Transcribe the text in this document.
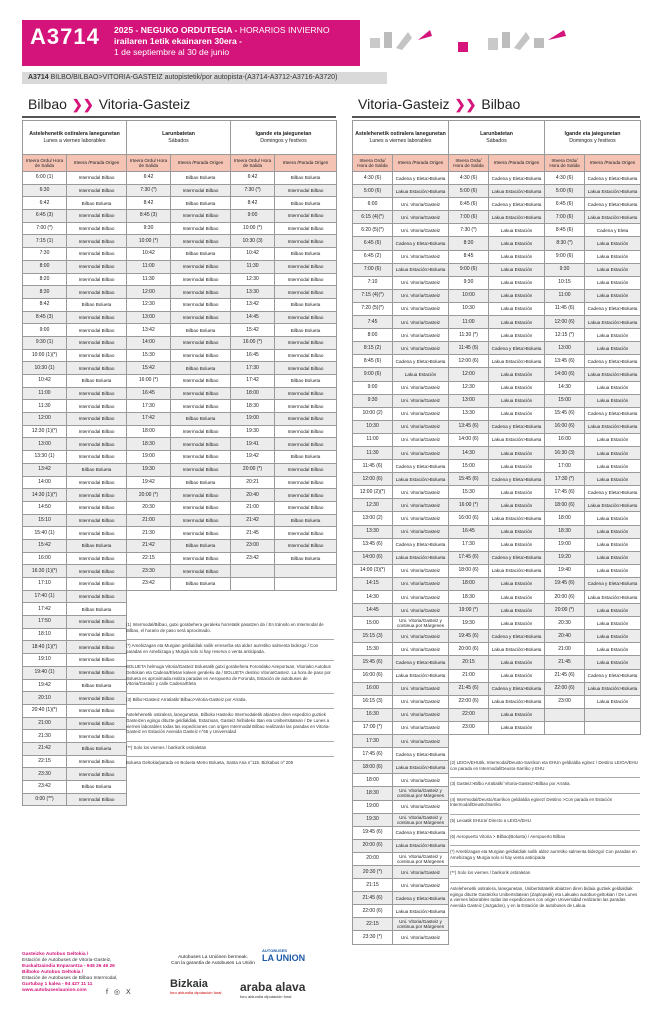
A3714 2025 - NEGUKO ORDUTEGIA - HORARIOS INVIERNO
irailaren 1etik ekainaren 30era -
1 de septiembre al 30 de junio
A3714 BILBO/BILBAO>VITORIA-GASTEIZ autopistetik/por autopista-(A3714-A3712-A3716-A3720)
Bilbao ❯❯ Vitoria-Gasteiz	Vitoria-Gasteiz ❯❯ Bilbao
Astelehenetik ostiralera lanegunetan
Lunes a viernes laborables		Larunbatetan
Sábados		Igande eta jaiegunetan
Domingos y festivos	
Irteera Ordu/ Hora de Salida	Irteera /Parada Origen	Irteera Ordu/ Hora de Salida	Irteera /Parada Origen	Irteera Ordu/ Hora de Salida	Irteera /Parada Origen
6:00 (1)	Intermodal Bilbao	6:42	Bilbao Bolueta	6:42	Bilbao Bolueta
6:30	Intermodal Bilbao	7:30 (*)	Intermodal Bilbao	7:30 (*)	Intermodal Bilbao
6:42	Bilbao Bolueta	8:42	Bilbao Bolueta	8:42	Bilbao Bolueta
6:45 (3)	Intermodal Bilbao	8:45 (3)	Intermodal Bilbao	9:00	Intermodal Bilbao
7:00 (*)	Intermodal Bilbao	9:30	Intermodal Bilbao	10:00 (*)	Intermodal Bilbao
7:15 (1)	Intermodal Bilbao	10:00 (*)	Intermodal Bilbao	10:30 (3)	Intermodal Bilbao
7:30	Intermodal Bilbao	10:42	Bilbao Bolueta	10:42	Bilbao Bolueta
8:00	Intermodal Bilbao	11:00	Intermodal Bilbao	11:30	Intermodal Bilbao
8:20	Intermodal Bilbao	11:30	Intermodal Bilbao	12:30	Intermodal Bilbao
8:30	Intermodal Bilbao	12:00	Intermodal Bilbao	13:30	Intermodal Bilbao
8:42	Bilbao Bolueta	12:30	Intermodal Bilbao	13:42	Bilbao Bolueta
8:45 (3)	Intermodal Bilbao	13:00	Intermodal Bilbao	14:45	Intermodal Bilbao
9:00	Intermodal Bilbao	13:42	Bilbao Bolueta	15:42	Bilbao Bolueta
9:30 (1)	Intermodal Bilbao	14:00	Intermodal Bilbao	16:00 (*)	Intermodal Bilbao
10:00 (1)(*)	Intermodal Bilbao	15:30	Intermodal Bilbao	16:45	Intermodal Bilbao
10:30 (1)	Intermodal Bilbao	15:42	Bilbao Bolueta	17:30	Intermodal Bilbao
10:42	Bilbao Bolueta	16:00 (*)	Intermodal Bilbao	17:42	Bilbao Bolueta
11:00	Intermodal Bilbao	16:45	Intermodal Bilbao	18:00	Intermodal Bilbao
11:30	Intermodal Bilbao	17:30	Intermodal Bilbao	18:30	Intermodal Bilbao
12:00	Intermodal Bilbao	17:42	Bilbao Bolueta	19:00	Intermodal Bilbao
12:30 (1)(*)	Intermodal Bilbao	18:00	Intermodal Bilbao	19:30	Intermodal Bilbao
13:00	Intermodal Bilbao	18:30	Intermodal Bilbao	19:41	Intermodal Bilbao
13:30 (1)	Intermodal Bilbao	19:00	Intermodal Bilbao	19:42	Bilbao Bolueta
13:42	Bilbao Bolueta	19:30	Intermodal Bilbao	20:00 (*)	Intermodal Bilbao
14:00	Intermodal Bilbao	19:42	Bilbao Bolueta	20:21	Intermodal Bilbao
14:30 (1)(*)	Intermodal Bilbao	20:00 (*)	Intermodal Bilbao	20:40	Intermodal Bilbao
14:50	Intermodal Bilbao	20:30	Intermodal Bilbao	21:00	Intermodal Bilbao
15:10	Intermodal Bilbao	21:00	Intermodal Bilbao	21:42	Bilbao Bolueta
15:40 (1)	Intermodal Bilbao	21:30	Intermodal Bilbao	21:45	Intermodal Bilbao
15:42	Bilbao Bolueta	21:42	Bilbao Bolueta	23:00	Intermodal Bilbao
16:00	Intermodal Bilbao	22:15	Intermodal Bilbao	23:42	Bilbao Bolueta
16:30 (1)(*)	Intermodal Bilbao	23:30	Intermodal Bilbao		
17:10	Intermodal Bilbao	23:42	Bilbao Bolueta		
17:40 (1)	Intermodal Bilbao				
17:42	Bilbao Bolueta				
17:50	Intermodal Bilbao				
18:10	Intermodal Bilbao				
18:40 (1)(*)	Intermodal Bilbao				
19:10	Intermodal Bilbao				
19:40 (1)	Intermodal Bilbao				
19:42	Bilbao Bolueta				
20:10	Intermodal Bilbao				
20:40 (1)(*)	Intermodal Bilbao				
21:00	Intermodal Bilbao				
21:30	Intermodal Bilbao				
21:42	Bilbao Bolueta				
22:15	Intermodal Bilbao				
23:30	Intermodal Bilbao				
23:42	Bilbao Bolueta				
0:00 (**)	Intermodal Bilbao				
Astelehenetik ostiralera lanegunetan
Lunes a viernes laborables		Larunbatetan
Sábados		Igande eta jaiegunetan
Domingos y festivos	
Irteera Ordu/ Hora de Salida	Irteera /Parada Origen	Irteera Ordu/ Hora de Salida	Irteera /Parada Origen	Irteera Ordu/ Hora de Salida	Irteera /Parada Origen
4:30 (6)	Cadena y Eleta>Bolueta	4:30 (6)	Cadena y Eleta>Bolueta	4:30 (6)	Cadena y Eleta>Bolueta
5:00 (6)	Lakua Estación>Bolueta	5:00 (6)	Lakua Estación>Bolueta	5:00 (6)	Lakua Estación>Bolueta
6:00	Uni. Vitoria/Gasteiz	6:45 (6)	Cadena y Eleta>Bolueta	6:45 (6)	Cadena y Eleta>Bolueta
6:15 (4)(*)	Uni. Vitoria/Gasteiz	7:00 (6)	Lakua Estación>Bolueta	7:00 (6)	Lakua Estación>Bolueta
6:20 (5)(*)	Uni. Vitoria/Gasteiz	7:30 (*)	Lakua Estación	8:45 (6)	Cadena y Eleta
6:45 (6)	Cadena y Eleta>Bolueta	8:30	Lakua Estación	8:30 (*)	Lakua Estación
6:45 (2)	Uni. Vitoria/Gasteiz	8:45	Lakua Estación	9:00 (6)	Lakua Estación
7:00 (6)	Lakua Estación>Bolueta	9:00 (6)	Lakua Estación	9:30	Lakua Estación
7:10	Uni. Vitoria/Gasteiz	9:30	Lakua Estación	10:15	Lakua Estación
7:15 (4)(*)	Uni. Vitoria/Gasteiz	10:00	Lakua Estación	11:00	Lakua Estación
7:20 (5)(*)	Uni. Vitoria/Gasteiz	10:30	Lakua Estación	11:45 (6)	Cadena y Eleta>Bolueta
7:45	Uni. Vitoria/Gasteiz	11:00	Lakua Estación	12:00 (6)	Lakua Estación>Bolueta
8:00	Uni. Vitoria/Gasteiz	11:30 (*)	Lakua Estación	12:15 (*)	Lakua Estación
8:15 (2)	Uni. Vitoria/Gasteiz	11:45 (6)	Cadena y Eleta>Bolueta	13:00	Lakua Estación
8:45 (6)	Cadena y Eleta>Bolueta	12:00 (6)	Lakua Estación>Bolueta	13:45 (6)	Cadena y Eleta>Bolueta
9:00 (6)	Lakua Estación	12:00	Lakua Estación	14:00 (6)	Lakua Estación>Bolueta
9:00	Uni. Vitoria/Gasteiz	12:30	Lakua Estación	14:30	Lakua Estación
9:30	Uni. Vitoria/Gasteiz	13:00	Lakua Estación	15:00	Lakua Estación
10:00 (2)	Uni. Vitoria/Gasteiz	13:30	Lakua Estación	15:45 (6)	Cadena y Eleta>Bolueta
10:30	Uni. Vitoria/Gasteiz	13:45 (6)	Cadena y Eleta>Bolueta	16:00 (6)	Lakua Estación>Bolueta
11:00	Uni. Vitoria/Gasteiz	14:00 (6)	Lakua Estación>Bolueta	16:00	Lakua Estación
11:30	Uni. Vitoria/Gasteiz	14:30	Lakua Estación	16:30 (3)	Lakua Estación
11:45 (6)	Cadena y Eleta>Bolueta	15:00	Lakua Estación	17:00	Lakua Estación
12:00 (6)	Lakua Estación>Bolueta	15:45 (6)	Cadena y Eleta>Bolueta	17:30 (*)	Lakua Estación
12:00 (2)(*)	Uni. Vitoria/Gasteiz	15:30	Lakua Estación	17:45 (6)	Cadena y Eleta>Bolueta
12:30	Uni. Vitoria/Gasteiz	16:00 (*)	Lakua Estación	18:00 (6)	Lakua Estación>Bolueta
13:00 (2)	Uni. Vitoria/Gasteiz	16:00 (6)	Lakua Estación>Bolueta	18:00	Lakua Estación
13:30	Uni. Vitoria/Gasteiz	16:45	Lakua Estación	18:30	Lakua Estación
13:45 (6)	Cadena y Eleta>Bolueta	17:30	Lakua Estación	19:00	Lakua Estación
14:00 (6)	Lakua Estación>Bolueta	17:45 (6)	Cadena y Eleta>Bolueta	19:20	Lakua Estación
14:00 (3)(*)	Uni. Vitoria/Gasteiz	18:00 (6)	Lakua Estación>Bolueta	19:40	Lakua Estación
14:15	Uni. Vitoria/Gasteiz	18:00	Lakua Estación	19:45 (6)	Cadena y Eleta>Bolueta
14:30	Uni. Vitoria/Gasteiz	18:30	Lakua Estación	20:00 (6)	Lakua Estación>Bolueta
14:45	Uni. Vitoria/Gasteiz	19:00 (*)	Lakua Estación	20:00 (*)	Lakua Estación
15:00	Uni. Vitoria/Gasteiz y continua por Márgenes	19:30	Lakua Estación	20:30	Lakua Estación
15:15 (3)	Uni. Vitoria/Gasteiz	19:45 (6)	Cadena y Eleta>Bolueta	20:40	Lakua Estación
15:30	Uni. Vitoria/Gasteiz	20:00 (6)	Lakua Estación>Bolueta	21:00	Lakua Estación
15:45 (6)	Cadena y Eleta>Bolueta	20:15	Lakua Estación	21:45	Lakua Estación
16:00 (6)	Lakua Estación>Bolueta	21:00	Lakua Estación	21:45 (6)	Cadena y Eleta>Bolueta
16:00	Uni. Vitoria/Gasteiz	21:45 (6)	Cadena y Eleta>Bolueta	22:00 (6)	Lakua Estación>Bolueta
16:15 (3)	Uni. Vitoria/Gasteiz	22:00 (6)	Lakua Estación>Bolueta	23:00	Lakua Estación
16:30	Uni. Vitoria/Gasteiz	22:00	Lakua Estación		
17:00 (*)	Uni. Vitoria/Gasteiz	23:00	Lakua Estación		
17:30	Uni. Vitoria/Gasteiz				
17:45 (6)	Cadena y Eleta>Bolueta				
18:00 (6)	Lakua Estación>Bolueta				
18:00	Uni. Vitoria/Gasteiz				
18:30	Uni. Vitoria/Gasteiz y continua por Márgenes				
19:00	Uni. Vitoria/Gasteiz				
19:30	Uni. Vitoria/Gasteiz y continua por Márgenes				
19:45 (6)	Cadena y Eleta>Bolueta				
20:00 (6)	Lakua Estación>Bolueta				
20:00	Uni. Vitoria/Gasteiz y continua por Márgenes				
20:30 (*)	Uni. Vitoria/Gasteiz				
21:15	Uni. Vitoria/Gasteiz				
21:45 (6)	Cadena y Eleta>Bolueta				
22:00 (6)	Lakua Estación>Bolueta				
22:15	Uni. Vitoria/Gasteiz y continua por Márgenes				
23:30 (*)	Uni. Vitoria/Gasteiz				

(1) Intermodal/Bilbao, gutxi gorabehera geraleku horretatik pasatzen da / En tránsito en Intermodal de Bilbao, el horario de paso será aproximado.

(*) Amebizagan eta Murgian geldialdiak soilik erreserba eta aldez aurretiko salmenta bidezgo / Con paradas en Amebizaga y Murgia solo si hay reserva o venta anticipada.

BOLUETA helmuga Vitoria/Gasteiz Boluetatik gutxi gorabehera Forondako Aireportuan, Vitoriako Autobus Geltokian eta Cadena/Eletan kaleen geraleku da / BOLUETA destino Vitoria/Gasteiz. La hora de paso por Bolueta es aproximada.realiza paradas en Aeropuerto de Foronda, Estación de autobuses de Vitoria/Gasteiz y calle Cadena/Eleta

(3) Bilbo>Gasteiz Arratiatik/ Bilbao>Vitoria-Gasteiz por Arratia.

Astelehenetik ostiralera, lanegunetan, Bilboko Hasteiko Intermodaletik abiatzen diren espedizio guztiek Gasteizen egingo dituzte geldialdiak, Estazioan, Gasteiz hiribideko titan eta Unibertsitatean / De Lunes a viernes laborables todas las expediciones con origen Intermodal Bilbao realizarán las paradas en Vitoria-Gasteiz en Estación Avenida Gasteiz n°65 y Universidad

(**) Solo los viernes / barikorik ostiraletan

Bolueta Geltokia/parada en Bolueta Metro Bolueta, Santa Ana n°115. Bizkabus nº 205	(2) LEIOA/EHUtik, Intermodal/Deusto-Sarrikon eta EHUn geldialdia eginez / Destino LEIOA/EHU con parada en Intermodal/Deusto-Sarriko y EHU

(3) Gasteiz>Bilbo Arratiatik/ Vitoria-Gasteiz>Bilbao por Arratia.

(4) Intermodal/Deusto/Sarrikon geldialdia eginez/ Destino >Con parada en Estación Intermodal/Deusto/Sarriko

(5) Leioatik EHUra/ Directo a LEIOA/EHU

(6) Aeropuerto Vitoria > Bilbao(Bolueta) / Aeropuerto Bilbao

(*) Amebizagan eta Murgian geldialdiak soilik aldez aurretiko salmenta bidezgo/ Con paradas en Amebizaga y Murgia solo si hay venta anticipada

(**) Solo los viernes / barikorik ostiraletan

Astelehenetik ostiralera, lanegunetan, Unibertsitatetik abiatzen diren bidaia guztiek geldialdiak egingo dituzte Gasteizko Unibertsitatean (Zaptopeak) eta Lakuako autobus-geltokian / De Lunes a viernes laborables todas las expediciones con origen Universidad realizarán las paradas Avenida Gasteiz (Juzgados), y en la Estación de autobuses de Lakua.

Gasteizko Autobus Geltokia /
Estación de Autobuses de Vitoria-Gasteiz,
Euskaltzaindia Enparantza - 945 26 46 26
Bilboko Autobus Geltokia /
Estación de Autobuses de Bilbao Intermodal,
Gurtubay 1 kalea - 94 427 11 11
www.autobuseslaunion.com	f ◎ X
Autobuses La Uniónen bermeak.
Con la garantía de Autobuses La Unión
AUTOBUSES
LA UNION
Bizkaia
foru aldundia diputación foral araba alava
foru aldundia diputación foral
